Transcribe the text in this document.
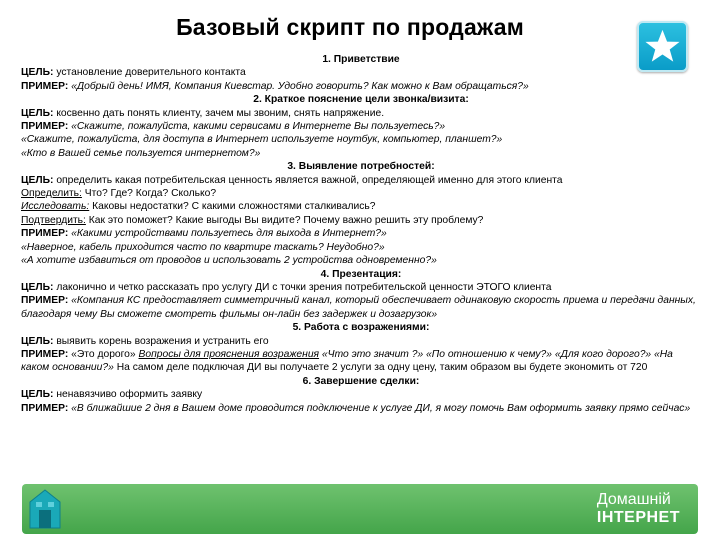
Базовый скрипт по продажам
1. Приветствие
ЦЕЛЬ: установление доверительного контакта
ПРИМЕР: «Добрый день! ИМЯ, Компания Киевстар. Удобно говорить? Как можно к Вам обращаться?»
2. Краткое пояснение цели звонка/визита:
ЦЕЛЬ: косвенно дать понять клиенту, зачем мы звоним, снять напряжение.
ПРИМЕР: «Скажите, пожалуйста, какими сервисами в Интернете Вы пользуетесь?»
«Скажите, пожалуйста, для доступа в Интернет используете ноутбук, компьютер, планшет?»
«Кто в Вашей семье пользуется интернетом?»
3. Выявление потребностей:
ЦЕЛЬ: определить какая потребительская ценность является важной, определяющей именно для этого клиента
Определить: Что? Где? Когда? Сколько?
Исследовать: Каковы недостатки? С какими сложностями сталкивались?
Подтвердить: Как это поможет? Какие выгоды Вы видите? Почему важно решить эту проблему?
ПРИМЕР: «Какими устройствами пользуетесь для выхода в Интернет?»
«Наверное, кабель приходится часто по квартире таскать? Неудобно?»
«А хотите избавиться от проводов и использовать 2 устройства одновременно?»
4. Презентация:
ЦЕЛЬ: лаконично и четко рассказать про услугу ДИ с точки зрения потребительской ценности ЭТОГО клиента
ПРИМЕР: «Компания КС предоставляет симметричный канал, который обеспечивает одинаковую скорость приема и передачи данных, благодаря чему Вы сможете смотреть фильмы он-лайн без задержек и дозагрузок»
5. Работа с возражениями:
ЦЕЛЬ: выявить корень возражения и устранить его
ПРИМЕР: «Это дорого» Вопросы для прояснения возражения «Что это значит ?» «По отношению к чему?» «Для кого дорого?» «На каком основании?» На самом деле подключая ДИ вы получаете 2 услуги за одну цену, таким образом вы будете экономить от 720
6. Завершение сделки:
ЦЕЛЬ: ненавязчиво оформить заявку
ПРИМЕР: «В ближайшие 2 дня в Вашем доме проводится подключение к услуге ДИ, я могу помочь Вам оформить заявку прямо сейчас»
Домашній
ІНТЕРНЕТ
